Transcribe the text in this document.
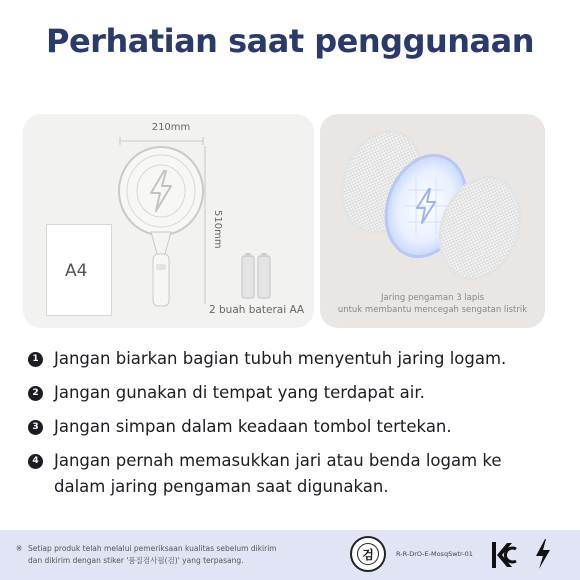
Perhatian saat penggunaan
210mm
510mm
A4
2 buah baterai AA
Jaring pengaman 3 lapis
untuk membantu mencegah sengatan listrik
1 Jangan biarkan bagian tubuh menyentuh jaring logam.
2 Jangan gunakan di tempat yang terdapat air.
3 Jangan simpan dalam keadaan tombol tertekan.
4 Jangan pernah memasukkan jari atau benda logam ke
dalam jaring pengaman saat digunakan.
※ Setiap produk telah melalui pemeriksaan kualitas sebelum dikirim
dan dikirim dengan stiker '품질검사필(검)' yang terpasang.	검	R-R-DrO-E-MosqSwtr-01
